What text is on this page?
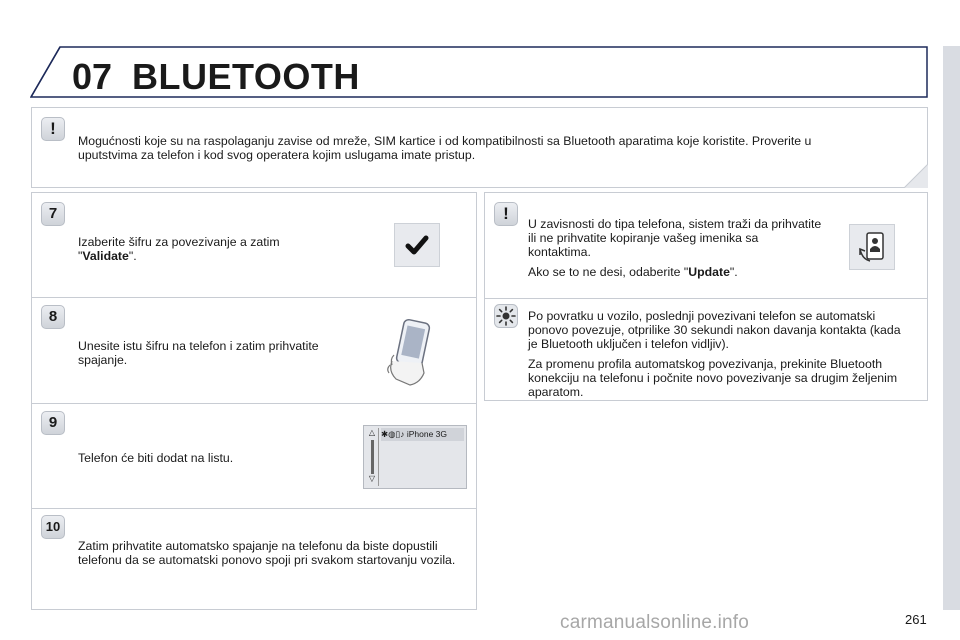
07 BLUETOOTH
!
Mogućnosti koje su na raspolaganju zavise od mreže, SIM kartice i od kompatibilnosti sa Bluetooth aparatima koje koristite. Proverite u uputstvima za telefon i kod svog operatera kojim uslugama imate pristup.
7
Izaberite šifru za povezivanje a zatim "Validate".
8
Unesite istu šifru na telefon i zatim prihvatite spajanje.
9
Telefon će biti dodat na listu.
△
▽
✱◍▯♪ iPhone 3G
10
Zatim prihvatite automatsko spajanje na telefonu da biste dopustili telefonu da se automatski ponovo spoji pri svakom startovanju vozila.
!

U zavisnosti do tipa telefona, sistem traži da prihvatite ili ne prihvatite kopiranje vašeg imenika sa kontaktima.

Ako se to ne desi, odaberite "Update".

Po povratku u vozilo, poslednji povezivani telefon se automatski ponovo povezuje, otprilike 30 sekundi nakon davanja kontakta (kada je Bluetooth uključen i telefon vidljiv).

Za promenu profila automatskog povezivanja, prekinite Bluetooth konekciju na telefonu i počnite novo povezivanje sa drugim željenim aparatom.

carmanualsonline.info	261
